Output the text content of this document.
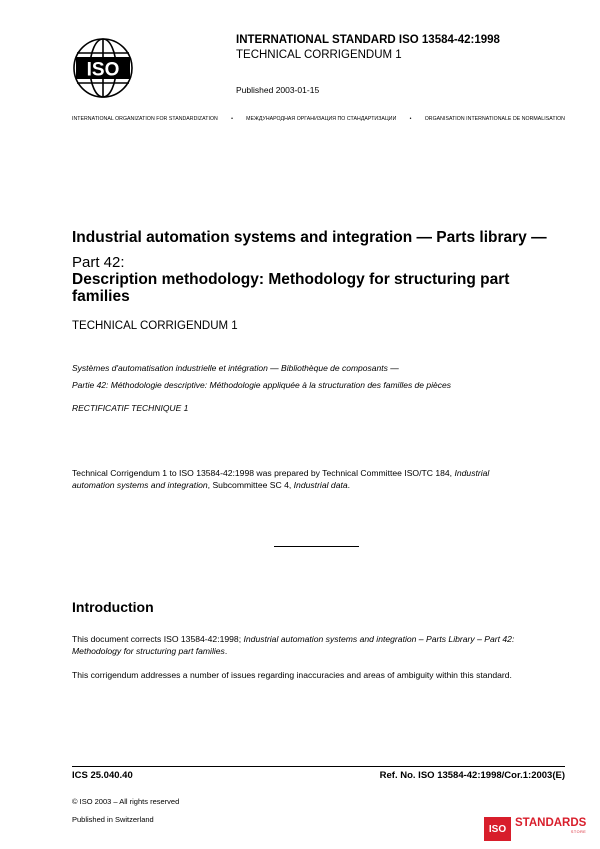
ISO
INTERNATIONAL STANDARD ISO 13584-42:1998
TECHNICAL CORRIGENDUM 1
Published 2003-01-15
INTERNATIONAL ORGANIZATION FOR STANDARDIZATION	•	МЕЖДУНАРОДНАЯ ОРГАНИЗАЦИЯ ПО СТАНДАРТИЗАЦИИ	•	ORGANISATION INTERNATIONALE DE NORMALISATION
Industrial automation systems and integration — Parts library —
Part 42:
Description methodology: Methodology for structuring part families
TECHNICAL CORRIGENDUM 1
Systèmes d'automatisation industrielle et intégration — Bibliothèque de composants —
Partie 42: Méthodologie descriptive: Méthodologie appliquée à la structuration des familles de pièces
RECTIFICATIF TECHNIQUE 1
Technical Corrigendum 1 to ISO 13584-42:1998 was prepared by Technical Committee ISO/TC 184, Industrial automation systems and integration, Subcommittee SC 4, Industrial data.
Introduction
This document corrects ISO 13584-42:1998; Industrial automation systems and integration – Parts Library – Part 42: Methodology for structuring part families.
This corrigendum addresses a number of issues regarding inaccuracies and areas of ambiguity within this standard.
ICS 25.040.40	Ref. No. ISO 13584-42:1998/Cor.1:2003(E)
© ISO 2003 – All rights reserved
Published in Switzerland
ISO STANDARDS
STORE
